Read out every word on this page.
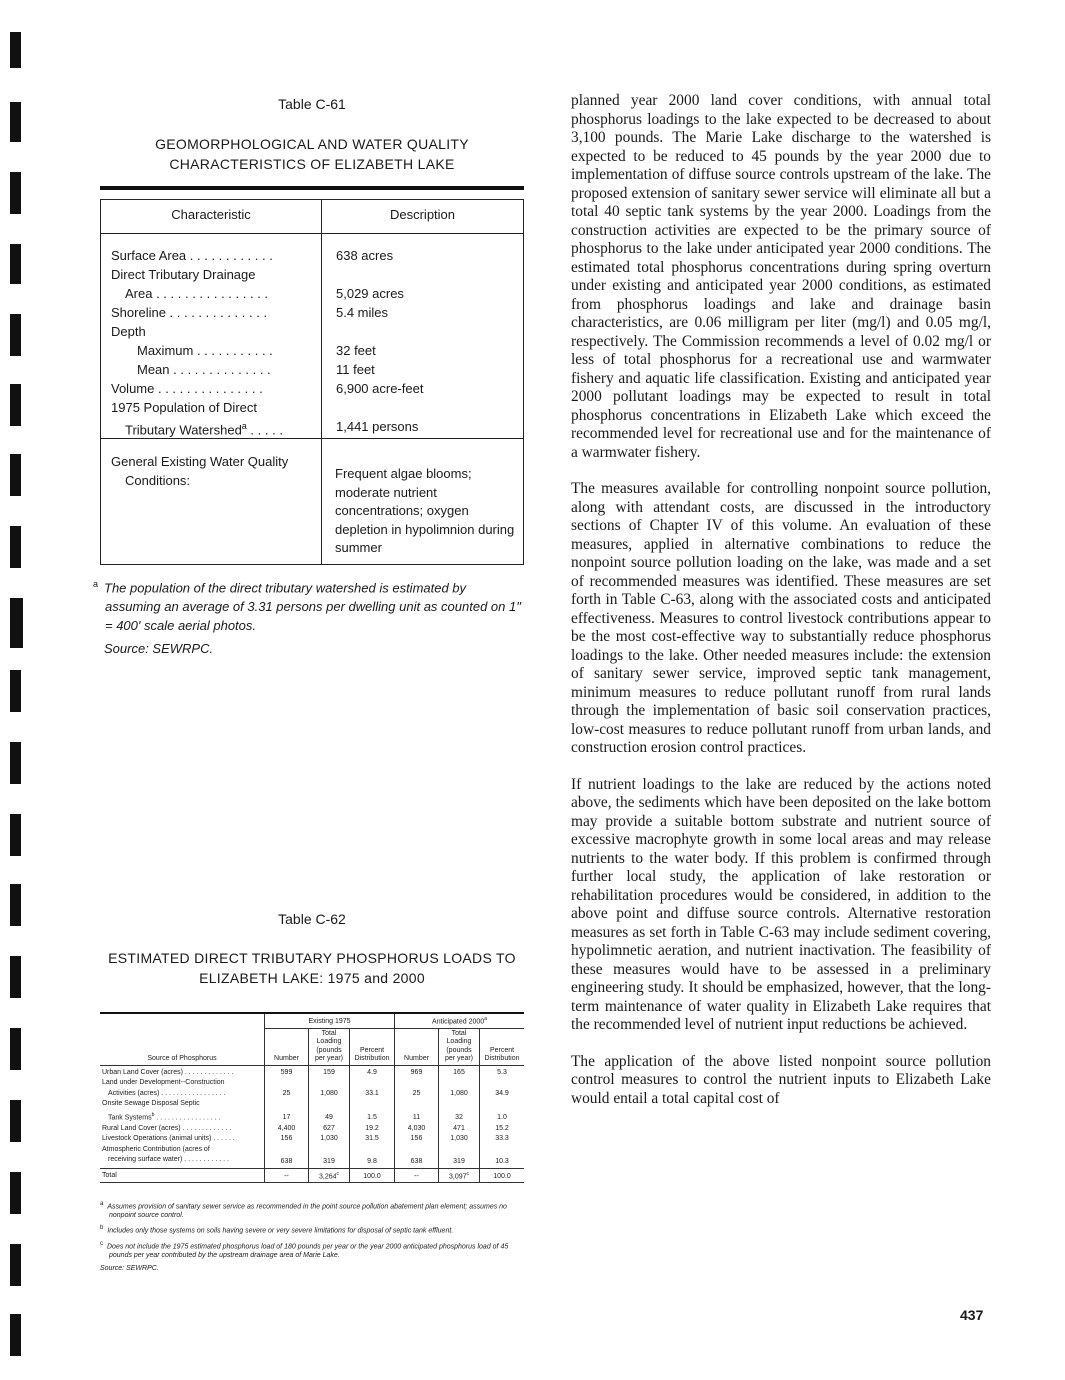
Table C-61
GEOMORPHOLOGICAL AND WATER QUALITY
CHARACTERISTICS OF ELIZABETH LAKE
Characteristic	Description
Surface Area . . . . . . . . . . . .	638 acres
Direct Tributary Drainage
Area . . . . . . . . . . . . . . . .	5,029 acres
Shoreline . . . . . . . . . . . . . .	5.4 miles
Depth
Maximum . . . . . . . . . . .	32 feet
Mean . . . . . . . . . . . . . .	11 feet
Volume . . . . . . . . . . . . . . .	6,900 acre-feet
1975 Population of Direct
Tributary Watershed$^a$ . . . . .	1,441 persons
General Existing Water Quality
Conditions:	Frequent algae blooms; moderate nutrient concentrations; oxygen depletion in hypolimnion during summer
$^a$ The population of the direct tributary watershed is estimated by assuming an average of 3.31 persons per dwelling unit as counted on 1" = 400' scale aerial photos.
Source: SEWRPC.
Table C-62
ESTIMATED DIRECT TRIBUTARY PHOSPHORUS LOADS TO
ELIZABETH LAKE: 1975 and 2000
Source of Phosphorus	Existing 1975			Anticipated 2000$^a$
	Number	Total Loading (pounds per year)	Percent Distribution	Number	Total Loading (pounds per year)	Percent Distribution
Urban Land Cover (acres) . . . . . . . . . . . . .	599	159	4.9	969	165	5.3
Land under Development--Construction						
Activities (acres) . . . . . . . . . . . . . . . . .	25	1,080	33.1	25	1,080	34.9
Onsite Sewage Disposal Septic						
Tank Systems$^b$ . . . . . . . . . . . . . . . . .	17	49	1.5	11	32	1.0
Rural Land Cover (acres) . . . . . . . . . . . . .	4,400	627	19.2	4,030	471	15.2
Livestock Operations (animal units) . . . . . .	156	1,030	31.5	156	1,030	33.3
Atmospheric Contribution (acres of						
receiving surface water) . . . . . . . . . . . .	638	319	9.8	638	319	10.3
Total	--	3,264$^c$	100.0	--	3,097$^c$	100.0

$^a$ Assumes provision of sanitary sewer service as recommended in the point source pollution abatement plan element; assumes no nonpoint source control.

$^b$ Includes only those systems on soils having severe or very severe limitations for disposal of septic tank effluent.

$^c$ Does not include the 1975 estimated phosphorus load of 180 pounds per year or the year 2000 anticipated phosphorus load of 45 pounds per year contributed by the upstream drainage area of Marie Lake.

Source: SEWRPC.

planned year 2000 land cover conditions, with annual total phosphorus loadings to the lake expected to be decreased to about 3,100 pounds. The Marie Lake discharge to the watershed is expected to be reduced to 45 pounds by the year 2000 due to implementation of diffuse source controls upstream of the lake. The proposed extension of sanitary sewer service will eliminate all but a total 40 septic tank systems by the year 2000. Loadings from the construction activities are expected to be the primary source of phosphorus to the lake under anticipated year 2000 conditions. The estimated total phosphorus concentrations during spring overturn under existing and anticipated year 2000 conditions, as estimated from phosphorus loadings and lake and drainage basin characteristics, are 0.06 milligram per liter (mg/l) and 0.05 mg/l, respectively. The Commission recommends a level of 0.02 mg/l or less of total phosphorus for a recreational use and warmwater fishery and aquatic life classification. Existing and anticipated year 2000 pollutant loadings may be expected to result in total phosphorus concentrations in Elizabeth Lake which exceed the recommended level for recreational use and for the maintenance of a warmwater fishery.

The measures available for controlling nonpoint source pollution, along with attendant costs, are discussed in the introductory sections of Chapter IV of this volume. An evaluation of these measures, applied in alternative combinations to reduce the nonpoint source pollution loading on the lake, was made and a set of recommended measures was identified. These measures are set forth in Table C-63, along with the associated costs and anticipated effectiveness. Measures to control livestock contributions appear to be the most cost-effective way to substantially reduce phosphorus loadings to the lake. Other needed measures include: the extension of sanitary sewer service, improved septic tank management, minimum measures to reduce pollutant runoff from rural lands through the implementation of basic soil conservation practices, low-cost measures to reduce pollutant runoff from urban lands, and construction erosion control practices.

If nutrient loadings to the lake are reduced by the actions noted above, the sediments which have been deposited on the lake bottom may provide a suitable bottom substrate and nutrient source of excessive macrophyte growth in some local areas and may release nutrients to the water body. If this problem is confirmed through further local study, the application of lake restoration or rehabilitation procedures would be considered, in addition to the above point and diffuse source controls. Alternative restoration measures as set forth in Table C-63 may include sediment covering, hypolimnetic aeration, and nutrient inactivation. The feasibility of these measures would have to be assessed in a preliminary engineering study. It should be emphasized, however, that the long-term maintenance of water quality in Elizabeth Lake requires that the recommended level of nutrient input reductions be achieved.

The application of the above listed nonpoint source pollution control measures to control the nutrient inputs to Elizabeth Lake would entail a total capital cost of

437
